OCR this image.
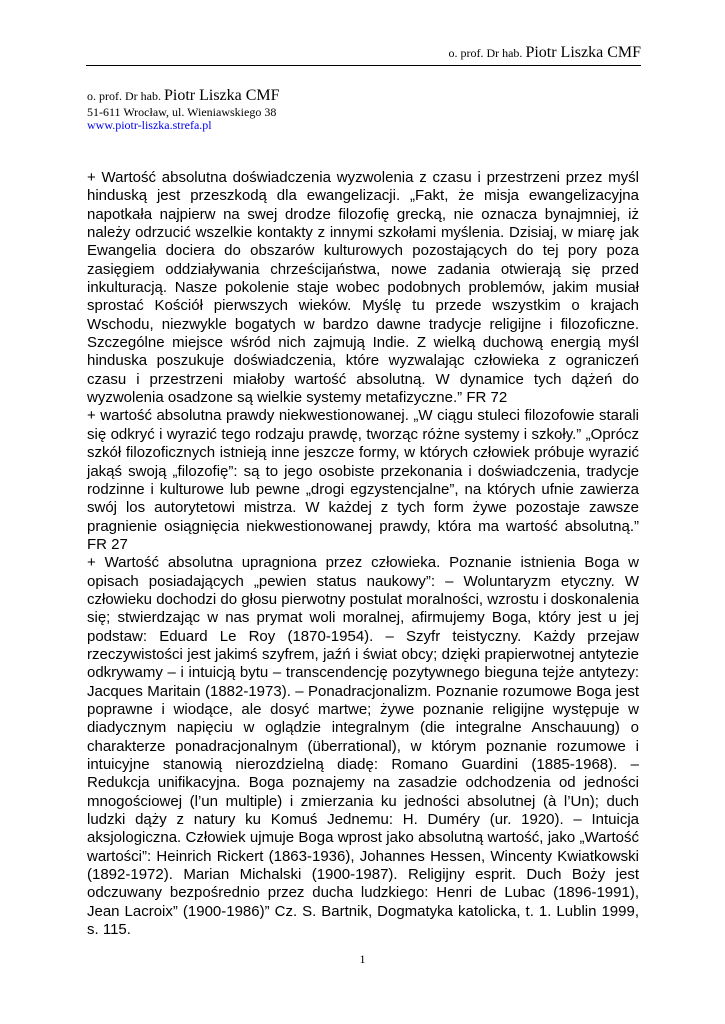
o. prof. Dr hab. Piotr Liszka CMF
o. prof. Dr hab. Piotr Liszka CMF
51-611 Wrocław, ul. Wieniawskiego 38
www.piotr-liszka.strefa.pl

+ Wartość absolutna doświadczenia wyzwolenia z czasu i przestrzeni przez myśl hinduską jest przeszkodą dla ewangelizacji. „Fakt, że misja ewangelizacyjna napotkała najpierw na swej drodze filozofię grecką, nie oznacza bynajmniej, iż należy odrzucić wszelkie kontakty z innymi szkołami myślenia. Dzisiaj, w miarę jak Ewangelia dociera do obszarów kulturowych pozostających do tej pory poza zasięgiem oddziaływania chrześcijaństwa, nowe zadania otwierają się przed inkulturacją. Nasze pokolenie staje wobec podobnych problemów, jakim musiał sprostać Kościół pierwszych wieków. Myślę tu przede wszystkim o krajach Wschodu, niezwykle bogatych w bardzo dawne tradycje religijne i filozoficzne. Szczególne miejsce wśród nich zajmują Indie. Z wielką duchową energią myśl hinduska poszukuje doświadczenia, które wyzwalając człowieka z ograniczeń czasu i przestrzeni miałoby wartość absolutną. W dynamice tych dążeń do wyzwolenia osadzone są wielkie systemy metafizyczne.” FR 72

+ wartość absolutna prawdy niekwestionowanej. „W ciągu stuleci filozofowie starali się odkryć i wyrazić tego rodzaju prawdę, tworząc różne systemy i szkoły.” „Oprócz szkół filozoficznych istnieją inne jeszcze formy, w których człowiek próbuje wyrazić jakąś swoją „filozofię”: są to jego osobiste przekonania i doświadczenia, tradycje rodzinne i kulturowe lub pewne „drogi egzystencjalne”, na których ufnie zawierza swój los autorytetowi mistrza. W każdej z tych form żywe pozostaje zawsze pragnienie osiągnięcia niekwestionowanej prawdy, która ma wartość absolutną.” FR 27

+ Wartość absolutna upragniona przez człowieka. Poznanie istnienia Boga w opisach posiadających „pewien status naukowy”: – Woluntaryzm etyczny. W człowieku dochodzi do głosu pierwotny postulat moralności, wzrostu i doskonalenia się; stwierdzając w nas prymat woli moralnej, afirmujemy Boga, który jest u jej podstaw: Eduard Le Roy (1870-1954). – Szyfr teistyczny. Każdy przejaw rzeczywistości jest jakimś szyfrem, jaźń i świat obcy; dzięki prapierwotnej antytezie odkrywamy – i intuicją bytu – transcendencję pozytywnego bieguna tejże antytezy: Jacques Maritain (1882-1973). – Ponadracjonalizm. Poznanie rozumowe Boga jest poprawne i wiodące, ale dosyć martwe; żywe poznanie religijne występuje w diadycznym napięciu w oglądzie integralnym (die integralne Anschauung) o charakterze ponadracjonalnym (überrational), w którym poznanie rozumowe i intuicyjne stanowią nierozdzielną diadę: Romano Guardini (1885-1968). – Redukcja unifikacyjna. Boga poznajemy na zasadzie odchodzenia od jedności mnogościowej (l’un multiple) i zmierzania ku jedności absolutnej (à l’Un); duch ludzki dąży z natury ku Komuś Jednemu: H. Duméry (ur. 1920). – Intuicja aksjologiczna. Człowiek ujmuje Boga wprost jako absolutną wartość, jako „Wartość wartości”: Heinrich Rickert (1863-1936), Johannes Hessen, Wincenty Kwiatkowski (1892-1972). Marian Michalski (1900-1987). Religijny esprit. Duch Boży jest odczuwany bezpośrednio przez ducha ludzkiego: Henri de Lubac (1896-1991), Jean Lacroix” (1900-1986)” Cz. S. Bartnik, Dogmatyka katolicka, t. 1. Lublin 1999, s. 115.

1
